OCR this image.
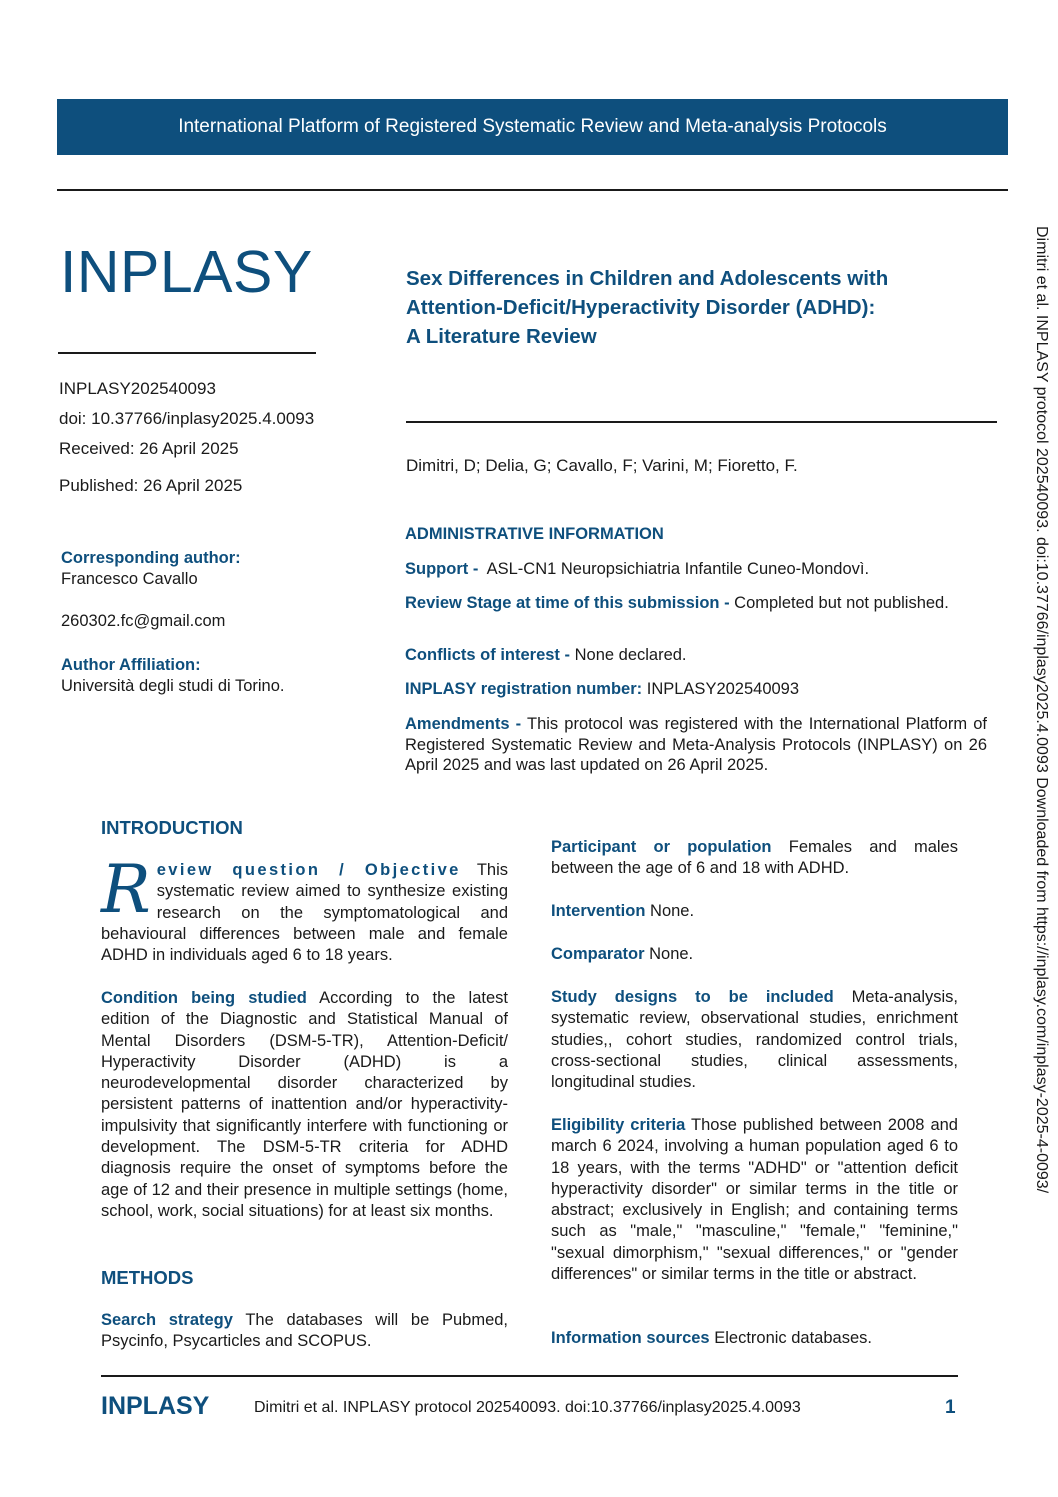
International Platform of Registered Systematic Review and Meta-analysis Protocols
INPLASY	Sex Differences in Children and Adolescents with
Attention-Deficit/Hyperactivity Disorder (ADHD):
A Literature Review
INPLASY202540093
doi: 10.37766/inplasy2025.4.0093
Received: 26 April 2025
Published: 26 April 2025
Dimitri, D; Delia, G; Cavallo, F; Varini, M; Fioretto, F.
Corresponding author:
Francesco Cavallo
260302.fc@gmail.com
Author Affiliation:
Università degli studi di Torino.
ADMINISTRATIVE INFORMATION
Support - ASL-CN1 Neuropsichiatria Infantile Cuneo-Mondovì.
Review Stage at time of this submission - Completed but not published.
Conflicts of interest - None declared.
INPLASY registration number: INPLASY202540093
Amendments - This protocol was registered with the International Platform of Registered Systematic Review and Meta-Analysis Protocols (INPLASY) on 26 April 2025 and was last updated on 26 April 2025.
INTRODUCTION
R eview question / Objective This systematic review aimed to synthesize existing research on the symptomatological and behavioural differences between male and female ADHD in individuals aged 6 to 18 years.
Condition being studied According to the latest edition of the Diagnostic and Statistical Manual of Mental Disorders (DSM-5-TR), Attention-Deficit/ Hyperactivity Disorder (ADHD) is a neurodevelopmental disorder characterized by persistent patterns of inattention and/or hyperactivity-impulsivity that significantly interfere with functioning or development. The DSM-5-TR criteria for ADHD diagnosis require the onset of symptoms before the age of 12 and their presence in multiple settings (home, school, work, social situations) for at least six months.
METHODS
Search strategy The databases will be Pubmed, Psycinfo, Psycarticles and SCOPUS.
Participant or population Females and males between the age of 6 and 18 with ADHD.
Intervention None.
Comparator None.
Study designs to be included Meta-analysis, systematic review, observational studies, enrichment studies,, cohort studies, randomized control trials, cross-sectional studies, clinical assessments, longitudinal studies.
Eligibility criteria Those published between 2008 and march 6 2024, involving a human population aged 6 to 18 years, with the terms "ADHD" or "attention deficit hyperactivity disorder" or similar terms in the title or abstract; exclusively in English; and containing terms such as "male," "masculine," "female," "feminine," "sexual dimorphism," "sexual differences," or "gender differences" or similar terms in the title or abstract.
Information sources Electronic databases.
Dimitri et al. INPLASY protocol 202540093. doi:10.37766/inplasy2025.4.0093 Downloaded from https://inplasy.com/inplasy-2025-4-0093/
INPLASY	Dimitri et al. INPLASY protocol 202540093. doi:10.37766/inplasy2025.4.0093	1
